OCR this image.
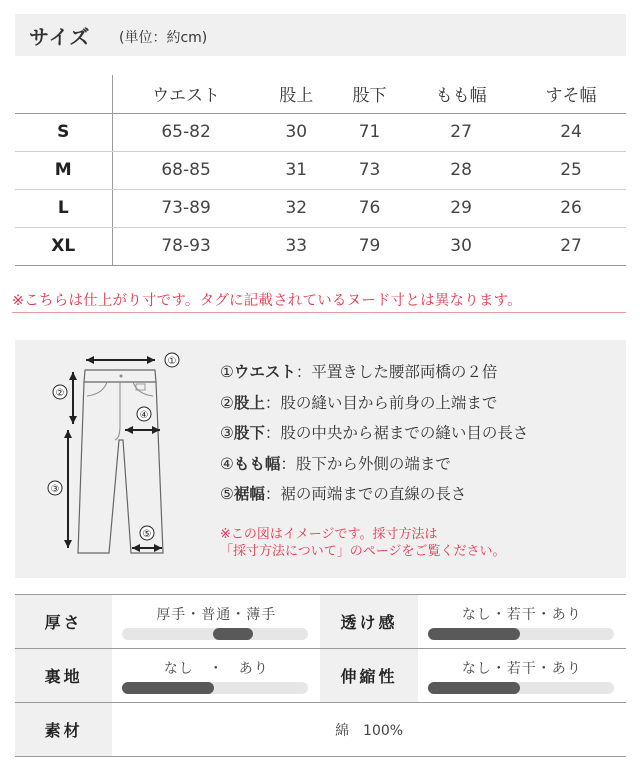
サイズ (単位：約cm)
	ウエスト	股上	股下	もも幅	すそ幅
S	65-82	30	71	27	24
M	68-85	31	73	28	25
L	73-89	32	76	29	26
XL	78-93	33	79	30	27
※こちらは仕上がり寸です。タグに記載されているヌード寸とは異なります。
①
②
③
④
⑤
①ウエスト：平置きした腰部両橋の２倍
②股上：股の縫い目から前身の上端まで
③股下：股の中央から裾までの縫い目の長さ
④もも幅：股下から外側の端まで
⑤裾幅：裾の両端までの直線の長さ
※この図はイメージです。採寸方法は
「採寸方法について」のページをご覧ください。
厚さ	厚手・普通・薄手	透け感	なし・若干・あり

裏地	なし　・　あり	伸縮性	なし・若干・あり

素材	綿　100%		
